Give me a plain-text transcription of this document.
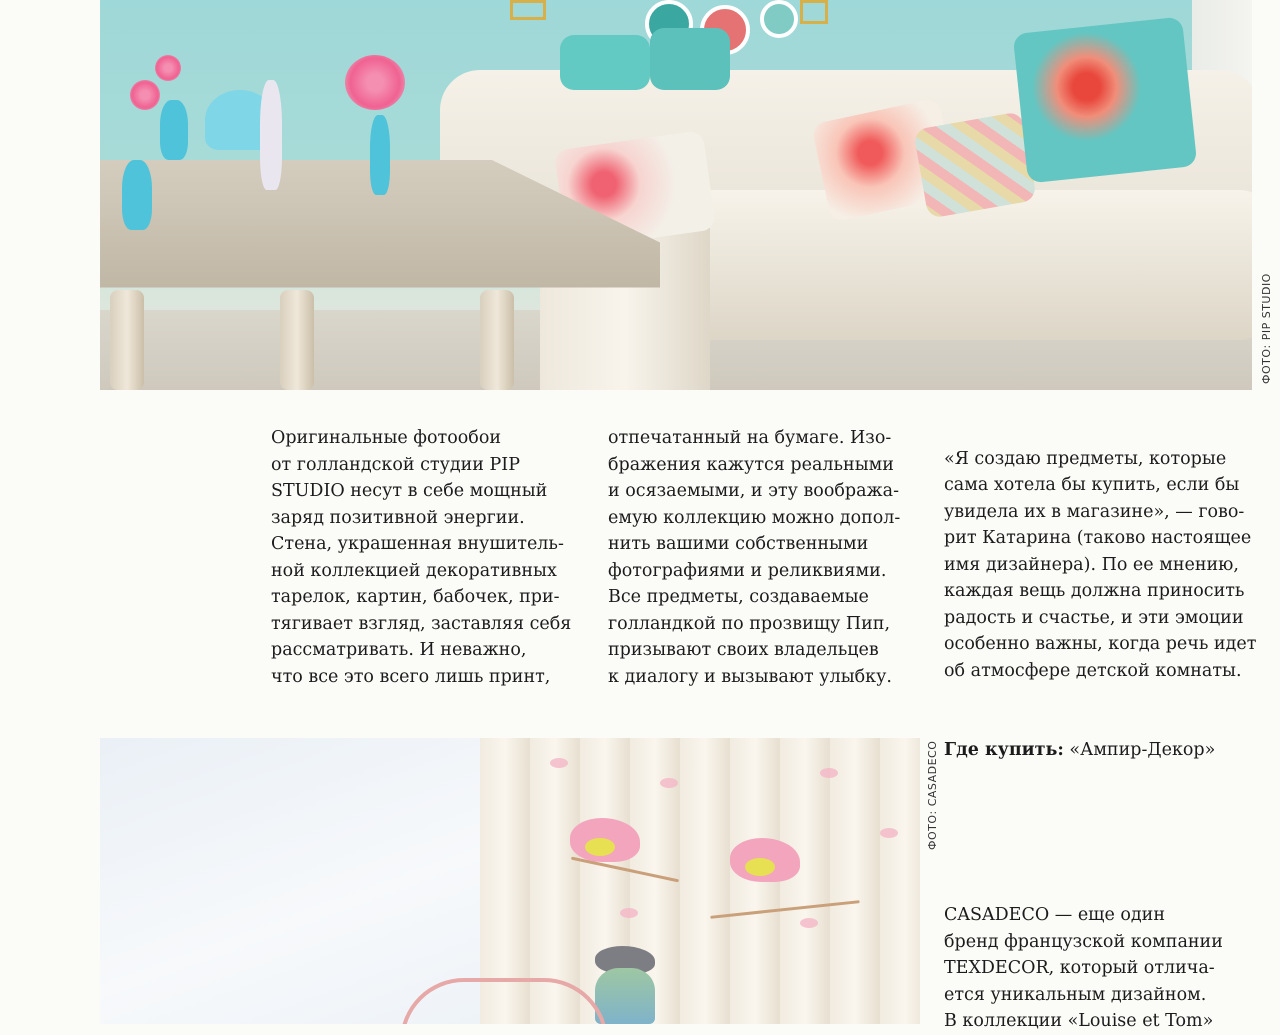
ФОТО: PIP STUDIO
Оригинальные фотообои
от голландской студии PIP
STUDIO несут в себе мощный
заряд позитивной энергии.
Стена, украшенная внушитель-
ной коллекцией декоративных
тарелок, картин, бабочек, при-
тягивает взгляд, заставляя себя
рассматривать. И неважно,
что все это всего лишь принт,
отпечатанный на бумаге. Изо-
бражения кажутся реальными
и осязаемыми, и эту вообража-
емую коллекцию можно допол-
нить вашими собственными
фотографиями и реликвиями.
Все предметы, создаваемые
голландкой по прозвищу Пип,
призывают своих владельцев
к диалогу и вызывают улыбку.

«Я создаю предметы, которые
сама хотела бы купить, если бы
увидела их в магазине», — гово-
рит Катарина (таково настоящее
имя дизайнера). По ее мнению,
каждая вещь должна приносить
радость и счастье, и эти эмоции
особенно важны, когда речь идет
об атмосфере детской комнаты.

Где купить: «Ампир-Декор»

ФОТО: CASADECO
CASADECO — еще один
бренд французской компании
TEXDECOR, который отлича-
ется уникальным дизайном.
В коллекции «Louise et Tom»
